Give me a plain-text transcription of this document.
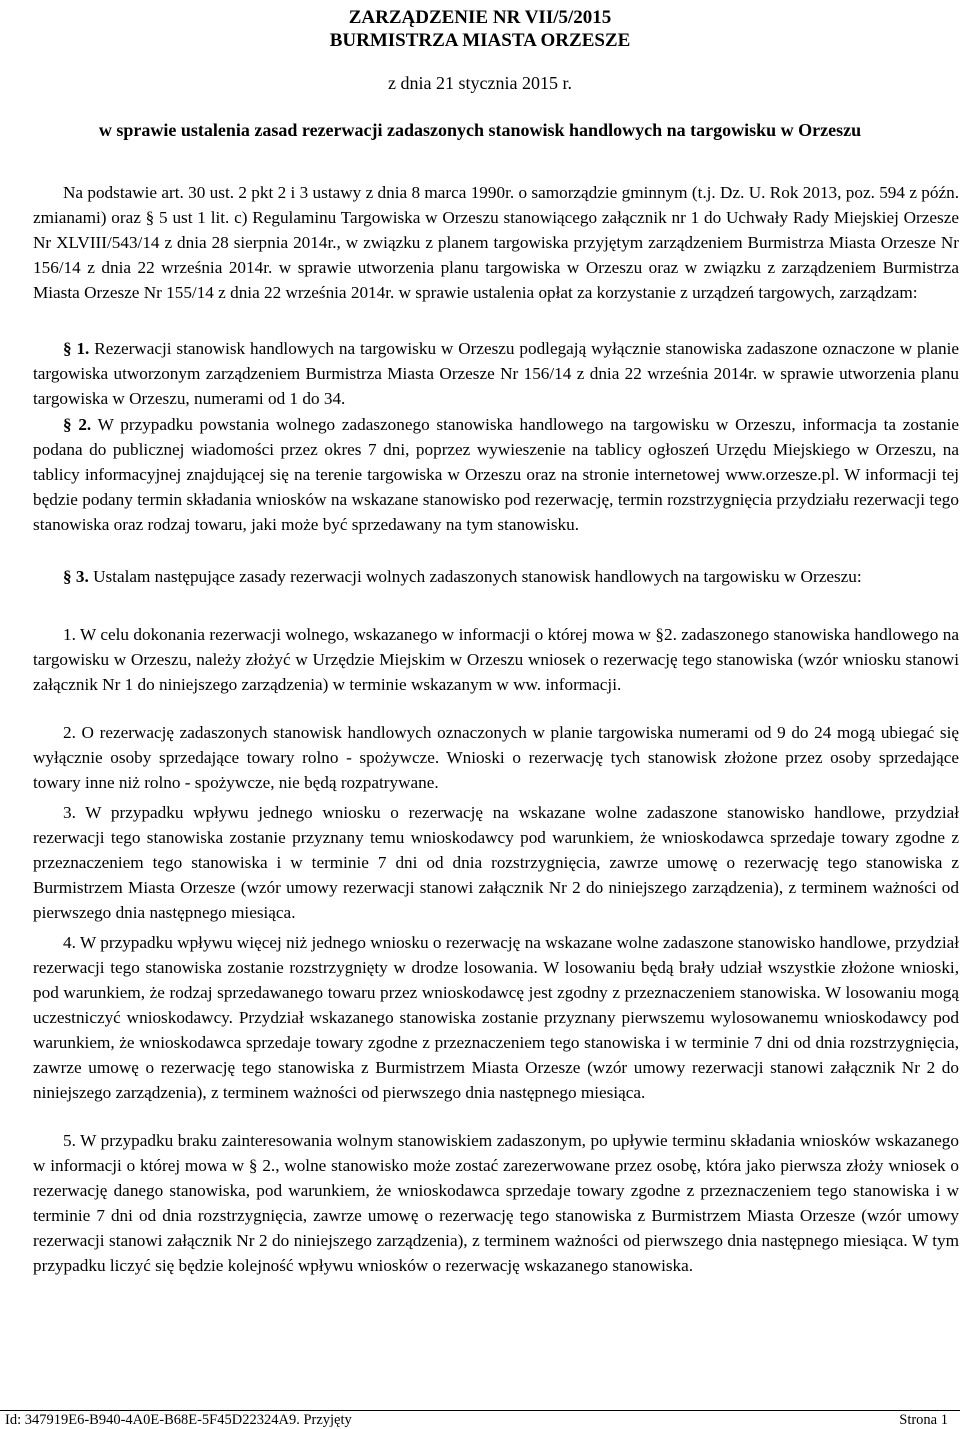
ZARZĄDZENIE NR VII/5/2015
BURMISTRZA MIASTA ORZESZE
z dnia 21 stycznia 2015 r.
w sprawie ustalenia zasad rezerwacji zadaszonych stanowisk handlowych na targowisku w Orzeszu

Na podstawie art. 30 ust. 2 pkt 2 i 3 ustawy z dnia 8 marca 1990r. o samorządzie gminnym (t.j. Dz. U. Rok 2013, poz. 594 z późn. zmianami) oraz § 5 ust 1 lit. c) Regulaminu Targowiska w Orzeszu stanowiącego załącznik nr 1 do Uchwały Rady Miejskiej Orzesze Nr XLVIII/543/14 z dnia 28 sierpnia 2014r., w związku z planem targowiska przyjętym zarządzeniem Burmistrza Miasta Orzesze Nr 156/14 z dnia 22 września 2014r. w sprawie utworzenia planu targowiska w Orzeszu oraz w związku z zarządzeniem Burmistrza Miasta Orzesze Nr 155/14 z dnia 22 września 2014r. w sprawie ustalenia opłat za korzystanie z urządzeń targowych, zarządzam:

§ 1. Rezerwacji stanowisk handlowych na targowisku w Orzeszu podlegają wyłącznie stanowiska zadaszone oznaczone w planie targowiska utworzonym zarządzeniem Burmistrza Miasta Orzesze Nr 156/14 z dnia 22 września 2014r. w sprawie utworzenia planu targowiska w Orzeszu, numerami od 1 do 34.

§ 2. W przypadku powstania wolnego zadaszonego stanowiska handlowego na targowisku w Orzeszu, informacja ta zostanie podana do publicznej wiadomości przez okres 7 dni, poprzez wywieszenie na tablicy ogłoszeń Urzędu Miejskiego w Orzeszu, na tablicy informacyjnej znajdującej się na terenie targowiska w Orzeszu oraz na stronie internetowej www.orzesze.pl. W informacji tej będzie podany termin składania wniosków na wskazane stanowisko pod rezerwację, termin rozstrzygnięcia przydziału rezerwacji tego stanowiska oraz rodzaj towaru, jaki może być sprzedawany na tym stanowisku.

§ 3. Ustalam następujące zasady rezerwacji wolnych zadaszonych stanowisk handlowych na targowisku w Orzeszu:

1. W celu dokonania rezerwacji wolnego, wskazanego w informacji o której mowa w §2. zadaszonego stanowiska handlowego na targowisku w Orzeszu, należy złożyć w Urzędzie Miejskim w Orzeszu wniosek o rezerwację tego stanowiska (wzór wniosku stanowi załącznik Nr 1 do niniejszego zarządzenia) w terminie wskazanym w ww. informacji.

2. O rezerwację zadaszonych stanowisk handlowych oznaczonych w planie targowiska numerami od 9 do 24 mogą ubiegać się wyłącznie osoby sprzedające towary rolno - spożywcze. Wnioski o rezerwację tych stanowisk złożone przez osoby sprzedające towary inne niż rolno - spożywcze, nie będą rozpatrywane.

3. W przypadku wpływu jednego wniosku o rezerwację na wskazane wolne zadaszone stanowisko handlowe, przydział rezerwacji tego stanowiska zostanie przyznany temu wnioskodawcy pod warunkiem, że wnioskodawca sprzedaje towary zgodne z przeznaczeniem tego stanowiska i w terminie 7 dni od dnia rozstrzygnięcia, zawrze umowę o rezerwację tego stanowiska z Burmistrzem Miasta Orzesze (wzór umowy rezerwacji stanowi załącznik Nr 2 do niniejszego zarządzenia), z terminem ważności od pierwszego dnia następnego miesiąca.

4. W przypadku wpływu więcej niż jednego wniosku o rezerwację na wskazane wolne zadaszone stanowisko handlowe, przydział rezerwacji tego stanowiska zostanie rozstrzygnięty w drodze losowania. W losowaniu będą brały udział wszystkie złożone wnioski, pod warunkiem, że rodzaj sprzedawanego towaru przez wnioskodawcę jest zgodny z przeznaczeniem stanowiska. W losowaniu mogą uczestniczyć wnioskodawcy. Przydział wskazanego stanowiska zostanie przyznany pierwszemu wylosowanemu wnioskodawcy pod warunkiem, że wnioskodawca sprzedaje towary zgodne z przeznaczeniem tego stanowiska i w terminie 7 dni od dnia rozstrzygnięcia, zawrze umowę o rezerwację tego stanowiska z Burmistrzem Miasta Orzesze (wzór umowy rezerwacji stanowi załącznik Nr 2 do niniejszego zarządzenia), z terminem ważności od pierwszego dnia następnego miesiąca.

5. W przypadku braku zainteresowania wolnym stanowiskiem zadaszonym, po upływie terminu składania wniosków wskazanego w informacji o której mowa w § 2., wolne stanowisko może zostać zarezerwowane przez osobę, która jako pierwsza złoży wniosek o rezerwację danego stanowiska, pod warunkiem, że wnioskodawca sprzedaje towary zgodne z przeznaczeniem tego stanowiska i w terminie 7 dni od dnia rozstrzygnięcia, zawrze umowę o rezerwację tego stanowiska z Burmistrzem Miasta Orzesze (wzór umowy rezerwacji stanowi załącznik Nr 2 do niniejszego zarządzenia), z terminem ważności od pierwszego dnia następnego miesiąca. W tym przypadku liczyć się będzie kolejność wpływu wniosków o rezerwację wskazanego stanowiska.

Id: 347919E6-B940-4A0E-B68E-5F45D22324A9. Przyjęty	Strona 1
